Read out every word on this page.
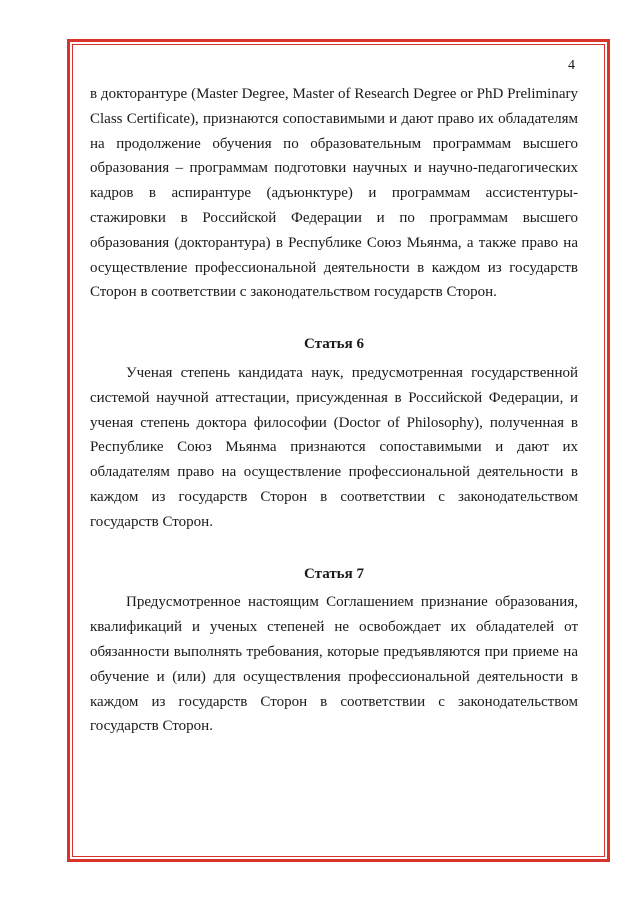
4

в докторантуре (Master Degree, Master of Research Degree or PhD Preliminary Class Certificate), признаются сопоставимыми и дают право их обладателям на продолжение обучения по образовательным программам высшего образования – программам подготовки научных и научно-педагогических кадров в аспирантуре (адъюнктуре) и программам ассистентуры-стажировки в Российской Федерации и по программам высшего образования (докторантура) в Республике Союз Мьянма, а также право на осуществление профессиональной деятельности в каждом из государств Сторон в соответствии с законодательством государств Сторон.

Статья 6

Ученая степень кандидата наук, предусмотренная государственной системой научной аттестации, присужденная в Российской Федерации, и ученая степень доктора философии (Doctor of Philosophy), полученная в Республике Союз Мьянма признаются сопоставимыми и дают их обладателям право на осуществление профессиональной деятельности в каждом из государств Сторон в соответствии с законодательством государств Сторон.

Статья 7

Предусмотренное настоящим Соглашением признание образования, квалификаций и ученых степеней не освобождает их обладателей от обязанности выполнять требования, которые предъявляются при приеме на обучение и (или) для осуществления профессиональной деятельности в каждом из государств Сторон в соответствии с законодательством государств Сторон.
